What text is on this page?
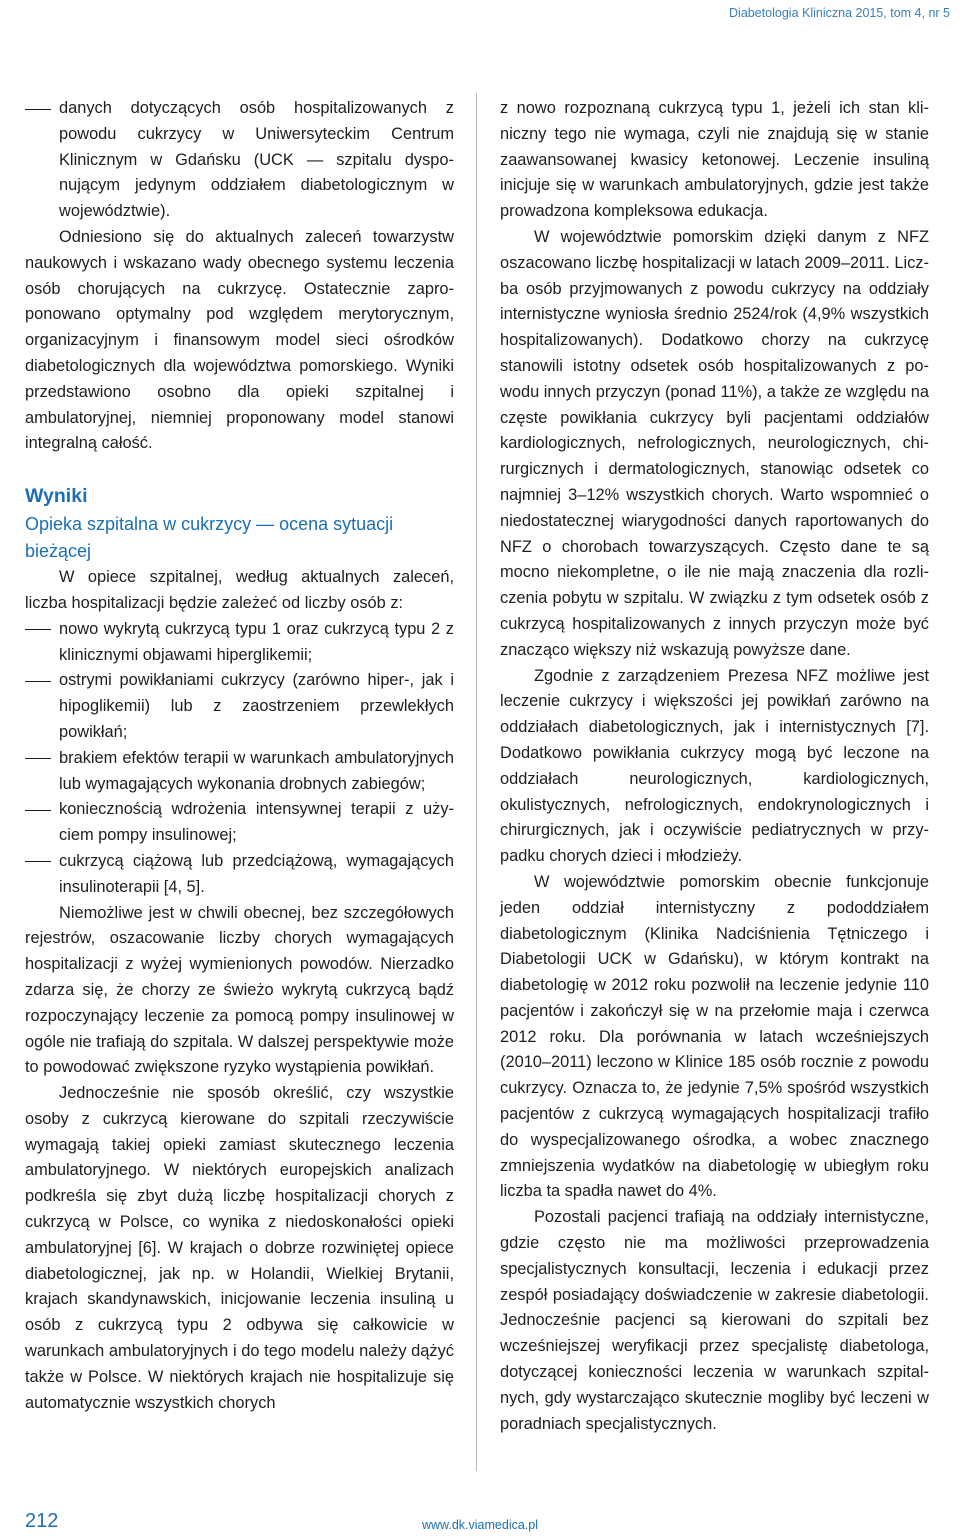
Diabetologia Kliniczna 2015, tom 4, nr 5

danych dotyczących osób hospitalizowanych z powodu cukrzycy w Uniwersyteckim Centrum Klinicznym w Gdańsku (UCK — szpitalu dysponującym jedynym oddziałem diabetologicznym w województwie).

Odniesiono się do aktualnych zaleceń towarzystw naukowych i wskazano wady obecnego systemu leczenia osób chorujących na cukrzycę. Ostatecznie zaproponowano optymalny pod względem merytorycznym, organizacyjnym i finansowym model sieci ośrodków diabetologicznych dla województwa pomorskiego. Wyniki przedstawiono osobno dla opieki szpitalnej i ambulatoryjnej, niemniej proponowany model stanowi integralną całość.

Wyniki
Opieka szpitalna w cukrzycy — ocena sytuacji bieżącej

W opiece szpitalnej, według aktualnych zaleceń, liczba hospitalizacji będzie zależeć od liczby osób z:

nowo wykrytą cukrzycą typu 1 oraz cukrzycą typu 2 z klinicznymi objawami hiperglikemii;

ostrymi powikłaniami cukrzycy (zarówno hiper-, jak i hipoglikemii) lub z zaostrzeniem przewlekłych powikłań;

brakiem efektów terapii w warunkach ambulatoryjnych lub wymagających wykonania drobnych zabiegów;

koniecznością wdrożenia intensywnej terapii z użyciem pompy insulinowej;

cukrzycą ciążową lub przedciążową, wymagających insulinoterapii [4, 5].

Niemożliwe jest w chwili obecnej, bez szczegółowych rejestrów, oszacowanie liczby chorych wymagających hospitalizacji z wyżej wymienionych powodów. Nierzadko zdarza się, że chorzy ze świeżo wykrytą cukrzycą bądź rozpoczynający leczenie za pomocą pompy insulinowej w ogóle nie trafiają do szpitala. W dalszej perspektywie może to powodować zwiększone ryzyko wystąpienia powikłań.

Jednocześnie nie sposób określić, czy wszystkie osoby z cukrzycą kierowane do szpitali rzeczywiście wymagają takiej opieki zamiast skutecznego leczenia ambulatoryjnego. W niektórych europejskich analizach podkreśla się zbyt dużą liczbę hospitalizacji chorych z cukrzycą w Polsce, co wynika z niedoskonałości opieki ambulatoryjnej [6]. W krajach o dobrze rozwiniętej opiece diabetologicznej, jak np. w Holandii, Wielkiej Brytanii, krajach skandynawskich, inicjowanie leczenia insuliną u osób z cukrzycą typu 2 odbywa się całkowicie w warunkach ambulatoryjnych i do tego modelu należy dążyć także w Polsce. W niektórych krajach nie hospitalizuje się automatycznie wszystkich chorych

z nowo rozpoznaną cukrzycą typu 1, jeżeli ich stan kliniczny tego nie wymaga, czyli nie znajdują się w stanie zaawansowanej kwasicy ketonowej. Leczenie insuliną inicjuje się w warunkach ambulatoryjnych, gdzie jest także prowadzona kompleksowa edukacja.

W województwie pomorskim dzięki danym z NFZ oszacowano liczbę hospitalizacji w latach 2009–2011. Liczba osób przyjmowanych z powodu cukrzycy na oddziały internistyczne wyniosła średnio 2524/rok (4,9% wszystkich hospitalizowanych). Dodatkowo chorzy na cukrzycę stanowili istotny odsetek osób hospitalizowanych z powodu innych przyczyn (ponad 11%), a także ze względu na częste powikłania cukrzycy byli pacjentami oddziałów kardiologicznych, nefrologicznych, neurologicznych, chirurgicznych i dermatologicznych, stanowiąc odsetek co najmniej 3–12% wszystkich chorych. Warto wspomnieć o niedostatecznej wiarygodności danych raportowanych do NFZ o chorobach towarzyszących. Często dane te są mocno niekompletne, o ile nie mają znaczenia dla rozliczenia pobytu w szpitalu. W związku z tym odsetek osób z cukrzycą hospitalizowanych z innych przyczyn może być znacząco większy niż wskazują powyższe dane.

Zgodnie z zarządzeniem Prezesa NFZ możliwe jest leczenie cukrzycy i większości jej powikłań zarówno na oddziałach diabetologicznych, jak i internistycznych [7]. Dodatkowo powikłania cukrzycy mogą być leczone na oddziałach neurologicznych, kardiologicznych, okulistycznych, nefrologicznych, endokrynologicznych i chirurgicznych, jak i oczywiście pediatrycznych w przypadku chorych dzieci i młodzieży.

W województwie pomorskim obecnie funkcjonuje jeden oddział internistyczny z pododdziałem diabetologicznym (Klinika Nadciśnienia Tętniczego i Diabetologii UCK w Gdańsku), w którym kontrakt na diabetologię w 2012 roku pozwolił na leczenie jedynie 110 pacjentów i zakończył się w na przełomie maja i czerwca 2012 roku. Dla porównania w latach wcześniejszych (2010–2011) leczono w Klinice 185 osób rocznie z powodu cukrzycy. Oznacza to, że jedynie 7,5% spośród wszystkich pacjentów z cukrzycą wymagających hospitalizacji trafiło do wyspecjalizowanego ośrodka, a wobec znacznego zmniejszenia wydatków na diabetologię w ubiegłym roku liczba ta spadła nawet do 4%.

Pozostali pacjenci trafiają na oddziały internistyczne, gdzie często nie ma możliwości przeprowadzenia specjalistycznych konsultacji, leczenia i edukacji przez zespół posiadający doświadczenie w zakresie diabetologii. Jednocześnie pacjenci są kierowani do szpitali bez wcześniejszej weryfikacji przez specjalistę diabetologa, dotyczącej konieczności leczenia w warunkach szpitalnych, gdy wystarczająco skutecznie mogliby być leczeni w poradniach specjalistycznych.

212	www.dk.viamedica.pl
